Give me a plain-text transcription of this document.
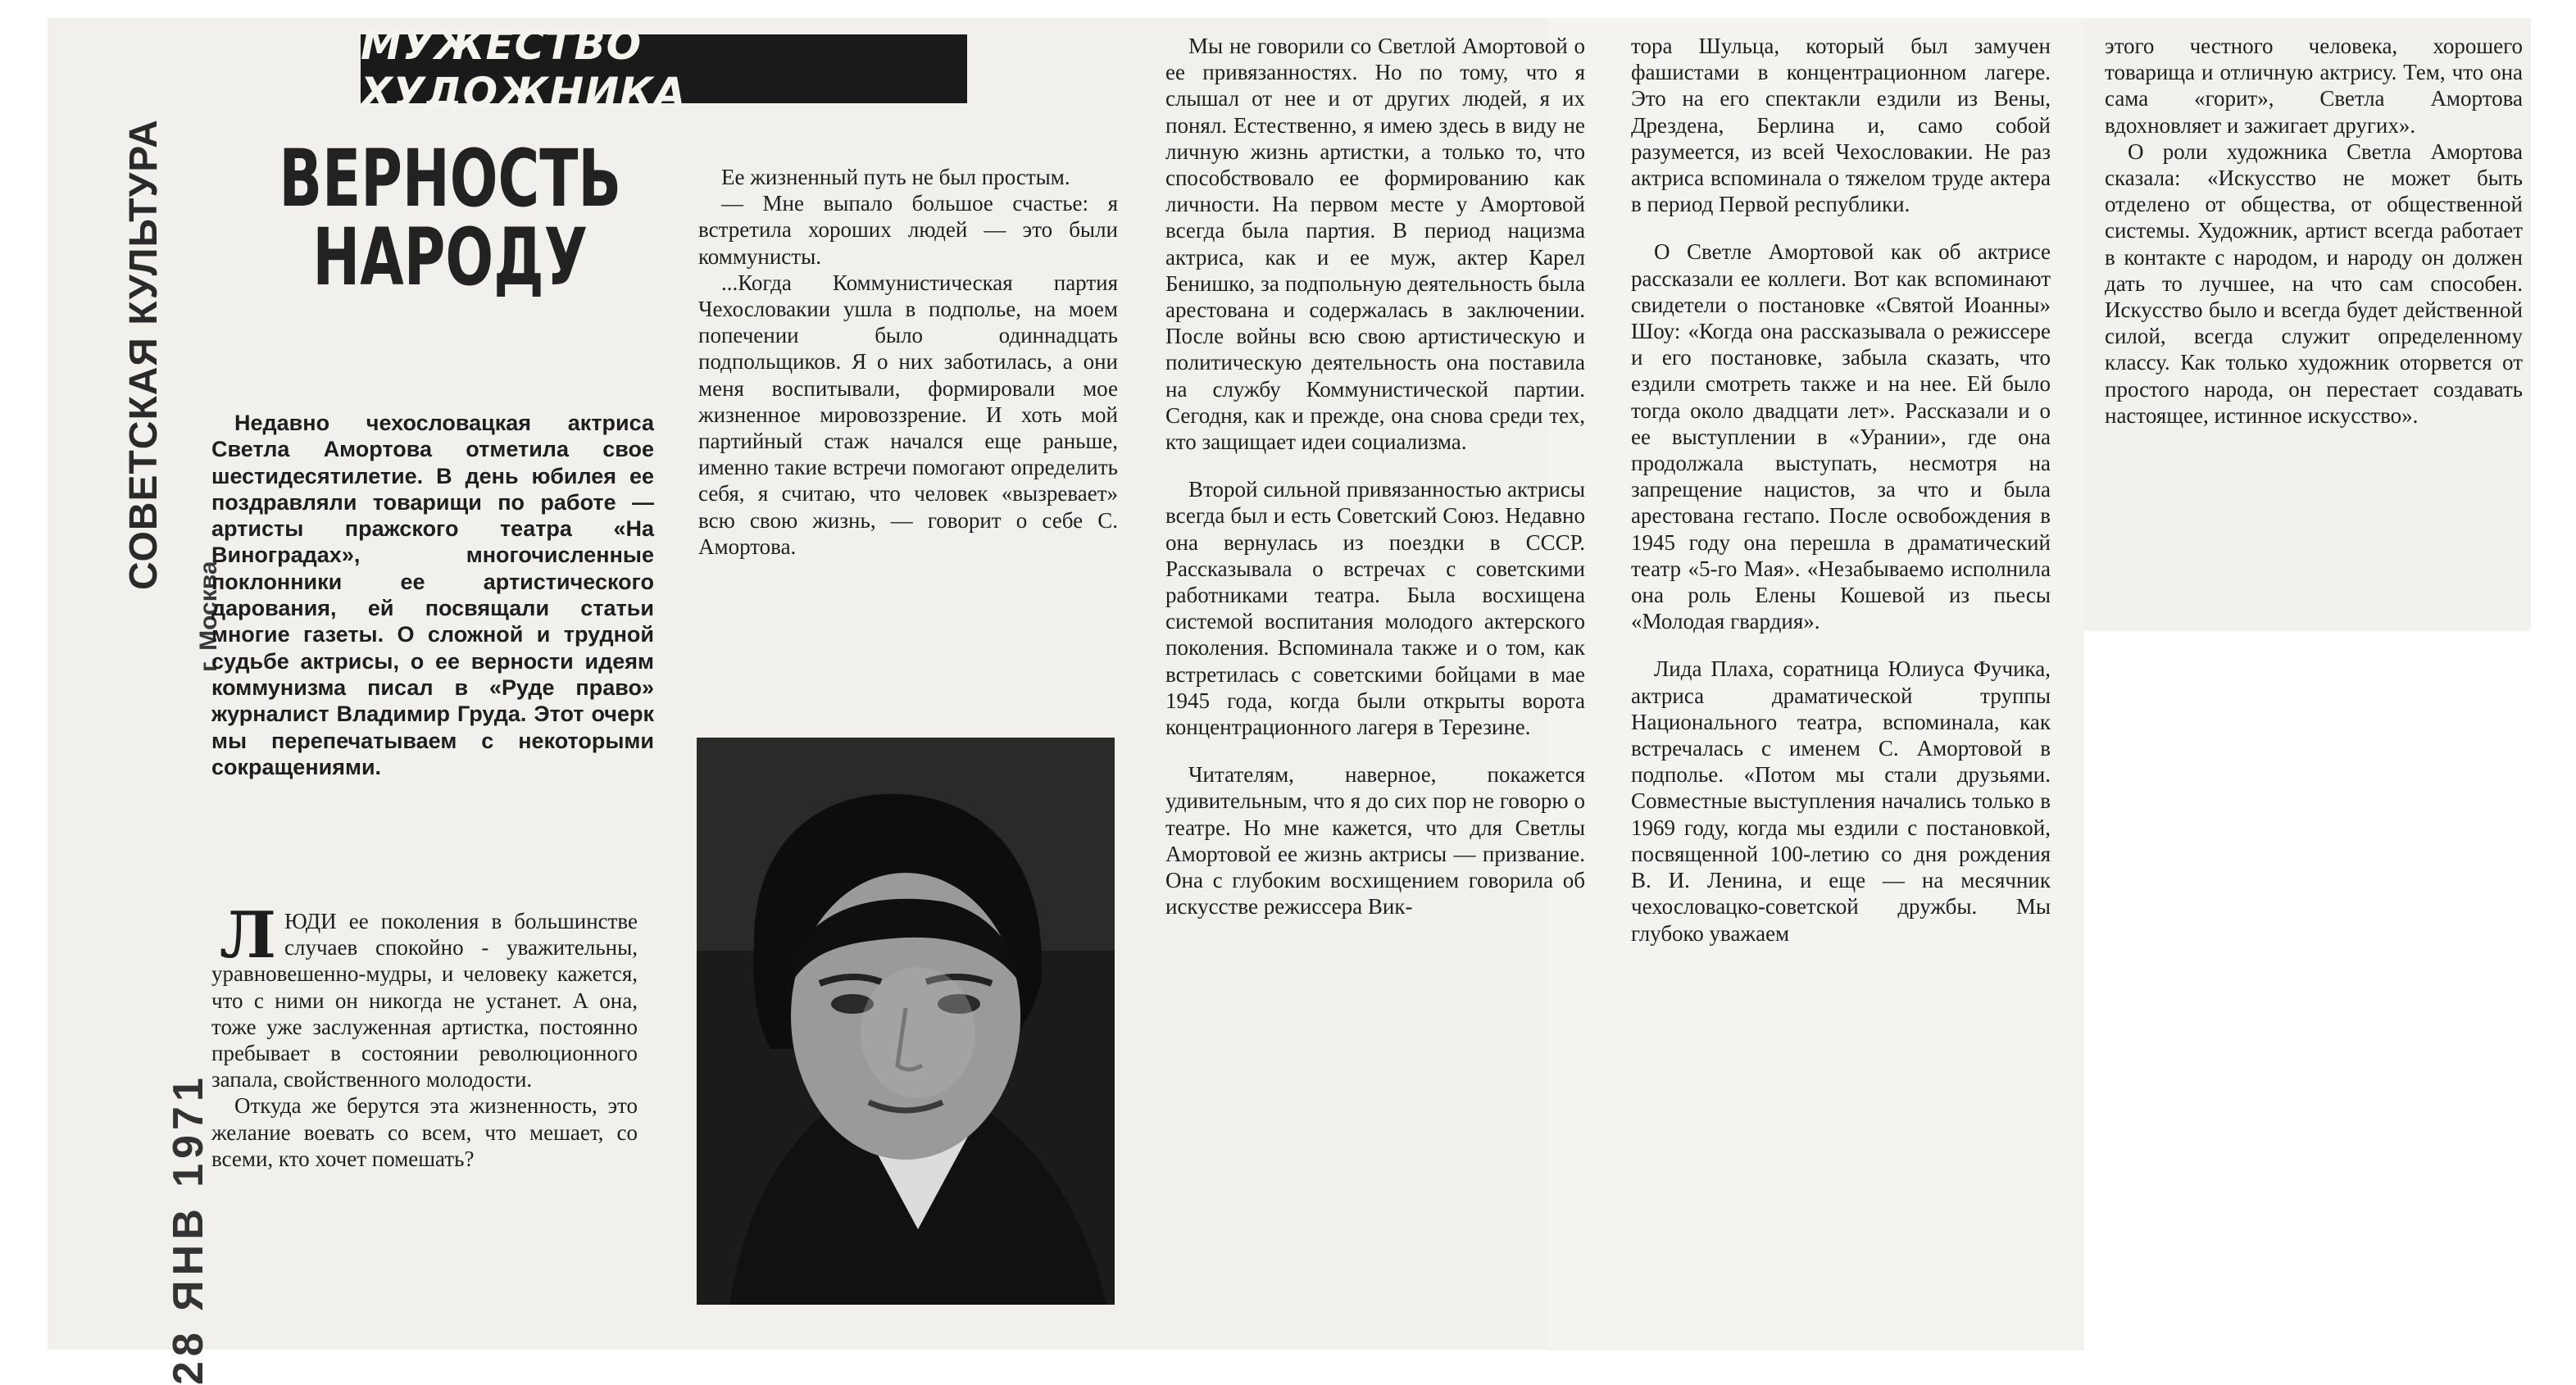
СОВЕТСКАЯ КУЛЬТУРА
г. Москва
28 ЯНВ 1971
МУЖЕСТВО ХУДОЖНИКА
ВЕРНОСТЬ
НАРОДУ
Недавно чехословацкая актриса Светла Амортова отметила свое шестидесятилетие. В день юбилея ее поздравляли товарищи по работе — артисты пражского театра «На Виноградах», многочисленные поклонники ее артистического дарования, ей посвящали статьи многие газеты. О сложной и трудной судьбе актрисы, о ее верности идеям коммунизма писал в «Руде право» журналист Владимир Груда. Этот очерк мы перепечатываем с некоторыми сокращениями.

ЛЮДИ ее поколения в большинстве случаев спокойно - уважительны, уравновешенно-мудры, и человеку кажется, что с ними он никогда не устанет. А она, тоже уже заслуженная артистка, постоянно пребывает в состоянии революционного запала, свойственного молодости.

Откуда же берутся эта жизненность, это желание воевать со всем, что мешает, со всеми, кто хочет помешать?

Ее жизненный путь не был простым.

— Мне выпало большое счастье: я встретила хороших людей — это были коммунисты.

...Когда Коммунистическая партия Чехословакии ушла в подполье, на моем попечении было одиннадцать подпольщиков. Я о них заботилась, а они меня воспитывали, формировали мое жизненное мировоззрение. И хоть мой партийный стаж начался еще раньше, именно такие встречи помогают определить себя, я считаю, что человек «вызревает» всю свою жизнь, — говорит о себе С. Амортова.

Мы не говорили со Светлой Амортовой о ее привязанностях. Но по тому, что я слышал от нее и от других людей, я их понял. Естественно, я имею здесь в виду не личную жизнь артистки, а только то, что способствовало ее формированию как личности. На первом месте у Амортовой всегда была партия. В период нацизма актриса, как и ее муж, актер Карел Бенишко, за подпольную деятельность была арестована и содержалась в заключении. После войны всю свою артистическую и политическую деятельность она поставила на службу Коммунистической партии. Сегодня, как и прежде, она снова среди тех, кто защищает идеи социализма.

Второй сильной привязанностью актрисы всегда был и есть Советский Союз. Недавно она вернулась из поездки в СССР. Рассказывала о встречах с советскими работниками театра. Была восхищена системой воспитания молодого актерского поколения. Вспоминала также и о том, как встретилась с советскими бойцами в мае 1945 года, когда были открыты ворота концентрационного лагеря в Терезине.

Читателям, наверное, покажется удивительным, что я до сих пор не говорю о театре. Но мне кажется, что для Светлы Амортовой ее жизнь актрисы — призвание. Она с глубоким восхищением говорила об искусстве режиссера Вик-

тора Шульца, который был замучен фашистами в концентрационном лагере. Это на его спектакли ездили из Вены, Дрездена, Берлина и, само собой разумеется, из всей Чехословакии. Не раз актриса вспоминала о тяжелом труде актера в период Первой республики.

О Светле Амортовой как об актрисе рассказали ее коллеги. Вот как вспоминают свидетели о постановке «Святой Иоанны» Шоу: «Когда она рассказывала о режиссере и его постановке, забыла сказать, что ездили смотреть также и на нее. Ей было тогда около двадцати лет». Рассказали и о ее выступлении в «Урании», где она продолжала выступать, несмотря на запрещение нацистов, за что и была арестована гестапо. После освобождения в 1945 году она перешла в драматический театр «5-го Мая». «Незабываемо исполнила она роль Елены Кошевой из пьесы «Молодая гвардия».

Лида Плаха, соратница Юлиуса Фучика, актриса драматической труппы Национального театра, вспоминала, как встречалась с именем С. Амортовой в подполье. «Потом мы стали друзьями. Совместные выступления начались только в 1969 году, когда мы ездили с постановкой, посвященной 100-летию со дня рождения В. И. Ленина, и еще — на месячник чехословацко-советской дружбы. Мы глубоко уважаем

этого честного человека, хорошего товарища и отличную актрису. Тем, что она сама «горит», Светла Амортова вдохновляет и зажигает других».

О роли художника Светла Амортова сказала: «Искусство не может быть отделено от общества, от общественной системы. Художник, артист всегда работает в контакте с народом, и народу он должен дать то лучшее, на что сам способен. Искусство было и всегда будет действенной силой, всегда служит определенному классу. Как только художник оторвется от простого народа, он перестает создавать настоящее, истинное искусство».
